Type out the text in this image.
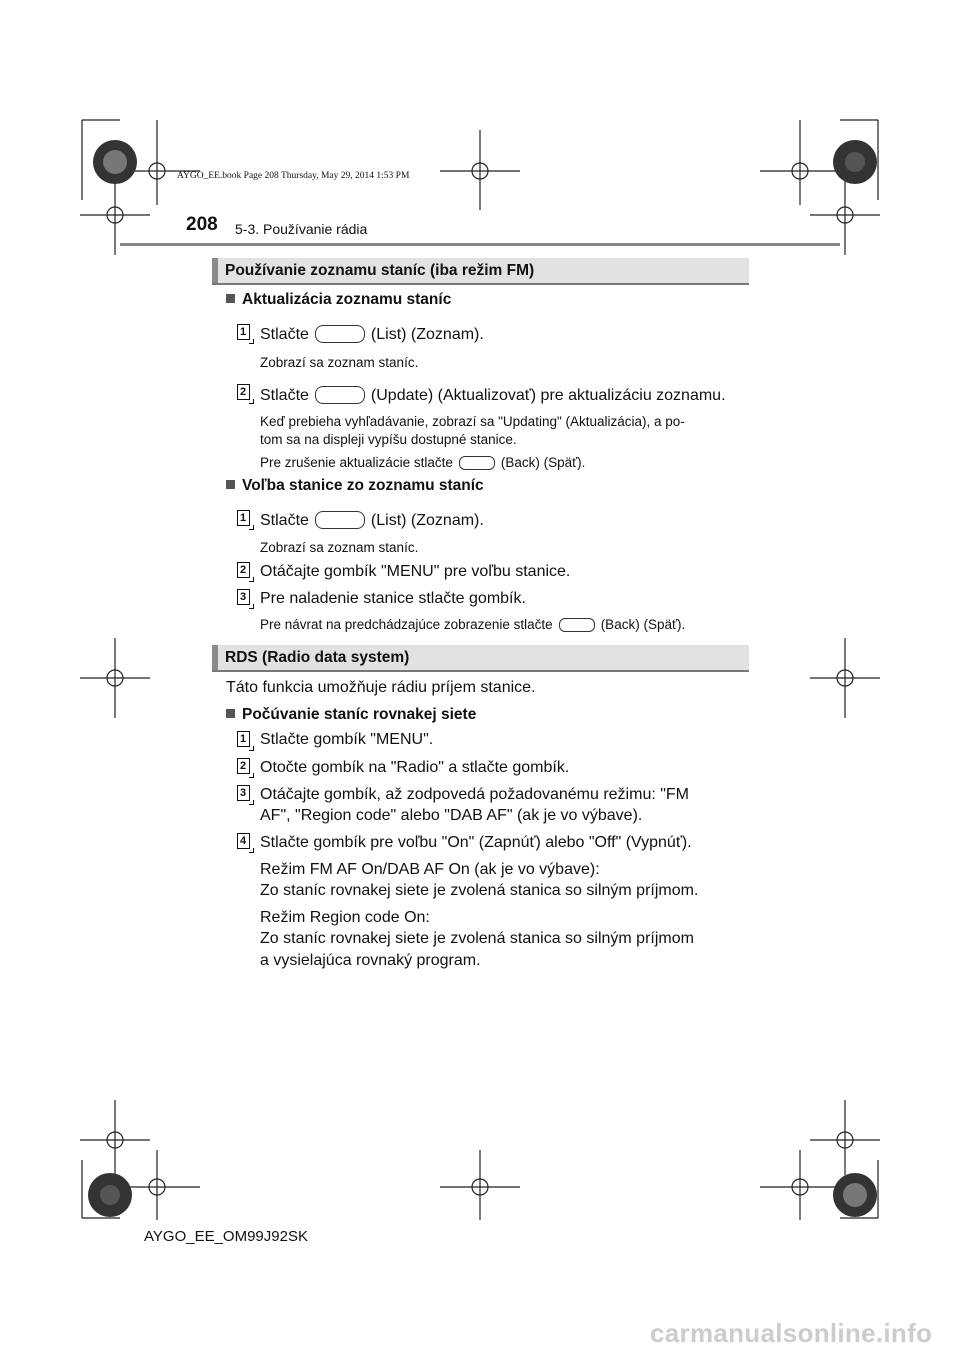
AYGO_EE.book Page 208 Thursday, May 29, 2014 1:53 PM
208 5-3. Používanie rádia
Používanie zoznamu staníc (iba režim FM)
Aktualizácia zoznamu staníc
1 Stlačte	(List) (Zoznam).
Zobrazí sa zoznam staníc.
2 Stlačte	(Update) (Aktualizovať) pre aktualizáciu zoznamu.
Keď prebieha vyhľadávanie, zobrazí sa "Updating" (Aktualizácia), a po-
tom sa na displeji vypíšu dostupné stanice.
Pre zrušenie aktualizácie stlačte	(Back) (Späť).
Voľba stanice zo zoznamu staníc
1 Stlačte	(List) (Zoznam).
Zobrazí sa zoznam staníc.
2 Otáčajte gombík "MENU" pre voľbu stanice.
3 Pre naladenie stanice stlačte gombík.
Pre návrat na predchádzajúce zobrazenie stlačte	(Back) (Späť).
RDS (Radio data system)
Táto funkcia umožňuje rádiu príjem stanice.
Počúvanie staníc rovnakej siete
1 Stlačte gombík "MENU".
2 Otočte gombík na "Radio" a stlačte gombík.
3 Otáčajte gombík, až zodpovedá požadovanému režimu: "FM
AF", "Region code" alebo "DAB AF" (ak je vo výbave).
4 Stlačte gombík pre voľbu "On" (Zapnúť) alebo "Off" (Vypnúť).
Režim FM AF On/DAB AF On (ak je vo výbave):
Zo staníc rovnakej siete je zvolená stanica so silným príjmom.
Režim Region code On:
Zo staníc rovnakej siete je zvolená stanica so silným príjmom
a vysielajúca rovnaký program.
AYGO_EE_OM99J92SK
carmanualsonline.info
